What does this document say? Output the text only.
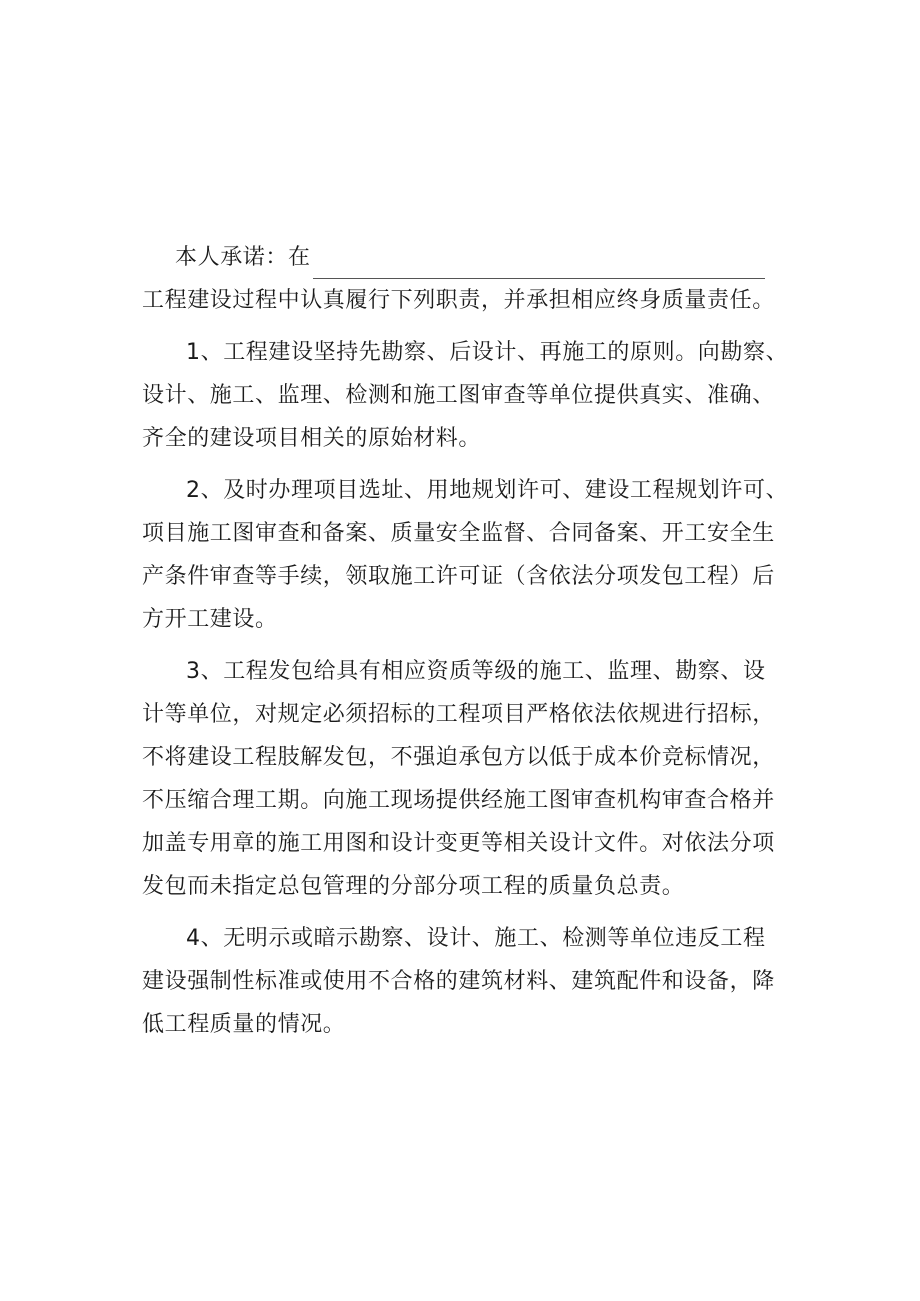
本人承诺：在
工程建设过程中认真履行下列职责，并承担相应终身质量责任。
1、工程建设坚持先勘察、后设计、再施工的原则。向勘察、
设计、施工、监理、检测和施工图审查等单位提供真实、准确、
齐全的建设项目相关的原始材料。
2、及时办理项目选址、用地规划许可、建设工程规划许可、
项目施工图审查和备案、质量安全监督、合同备案、开工安全生
产条件审查等手续，领取施工许可证（含依法分项发包工程）后
方开工建设。
3、工程发包给具有相应资质等级的施工、监理、勘察、设
计等单位，对规定必须招标的工程项目严格依法依规进行招标，
不将建设工程肢解发包，不强迫承包方以低于成本价竞标情况，
不压缩合理工期。向施工现场提供经施工图审查机构审查合格并
加盖专用章的施工用图和设计变更等相关设计文件。对依法分项
发包而未指定总包管理的分部分项工程的质量负总责。
4、无明示或暗示勘察、设计、施工、检测等单位违反工程
建设强制性标准或使用不合格的建筑材料、建筑配件和设备，降
低工程质量的情况。
